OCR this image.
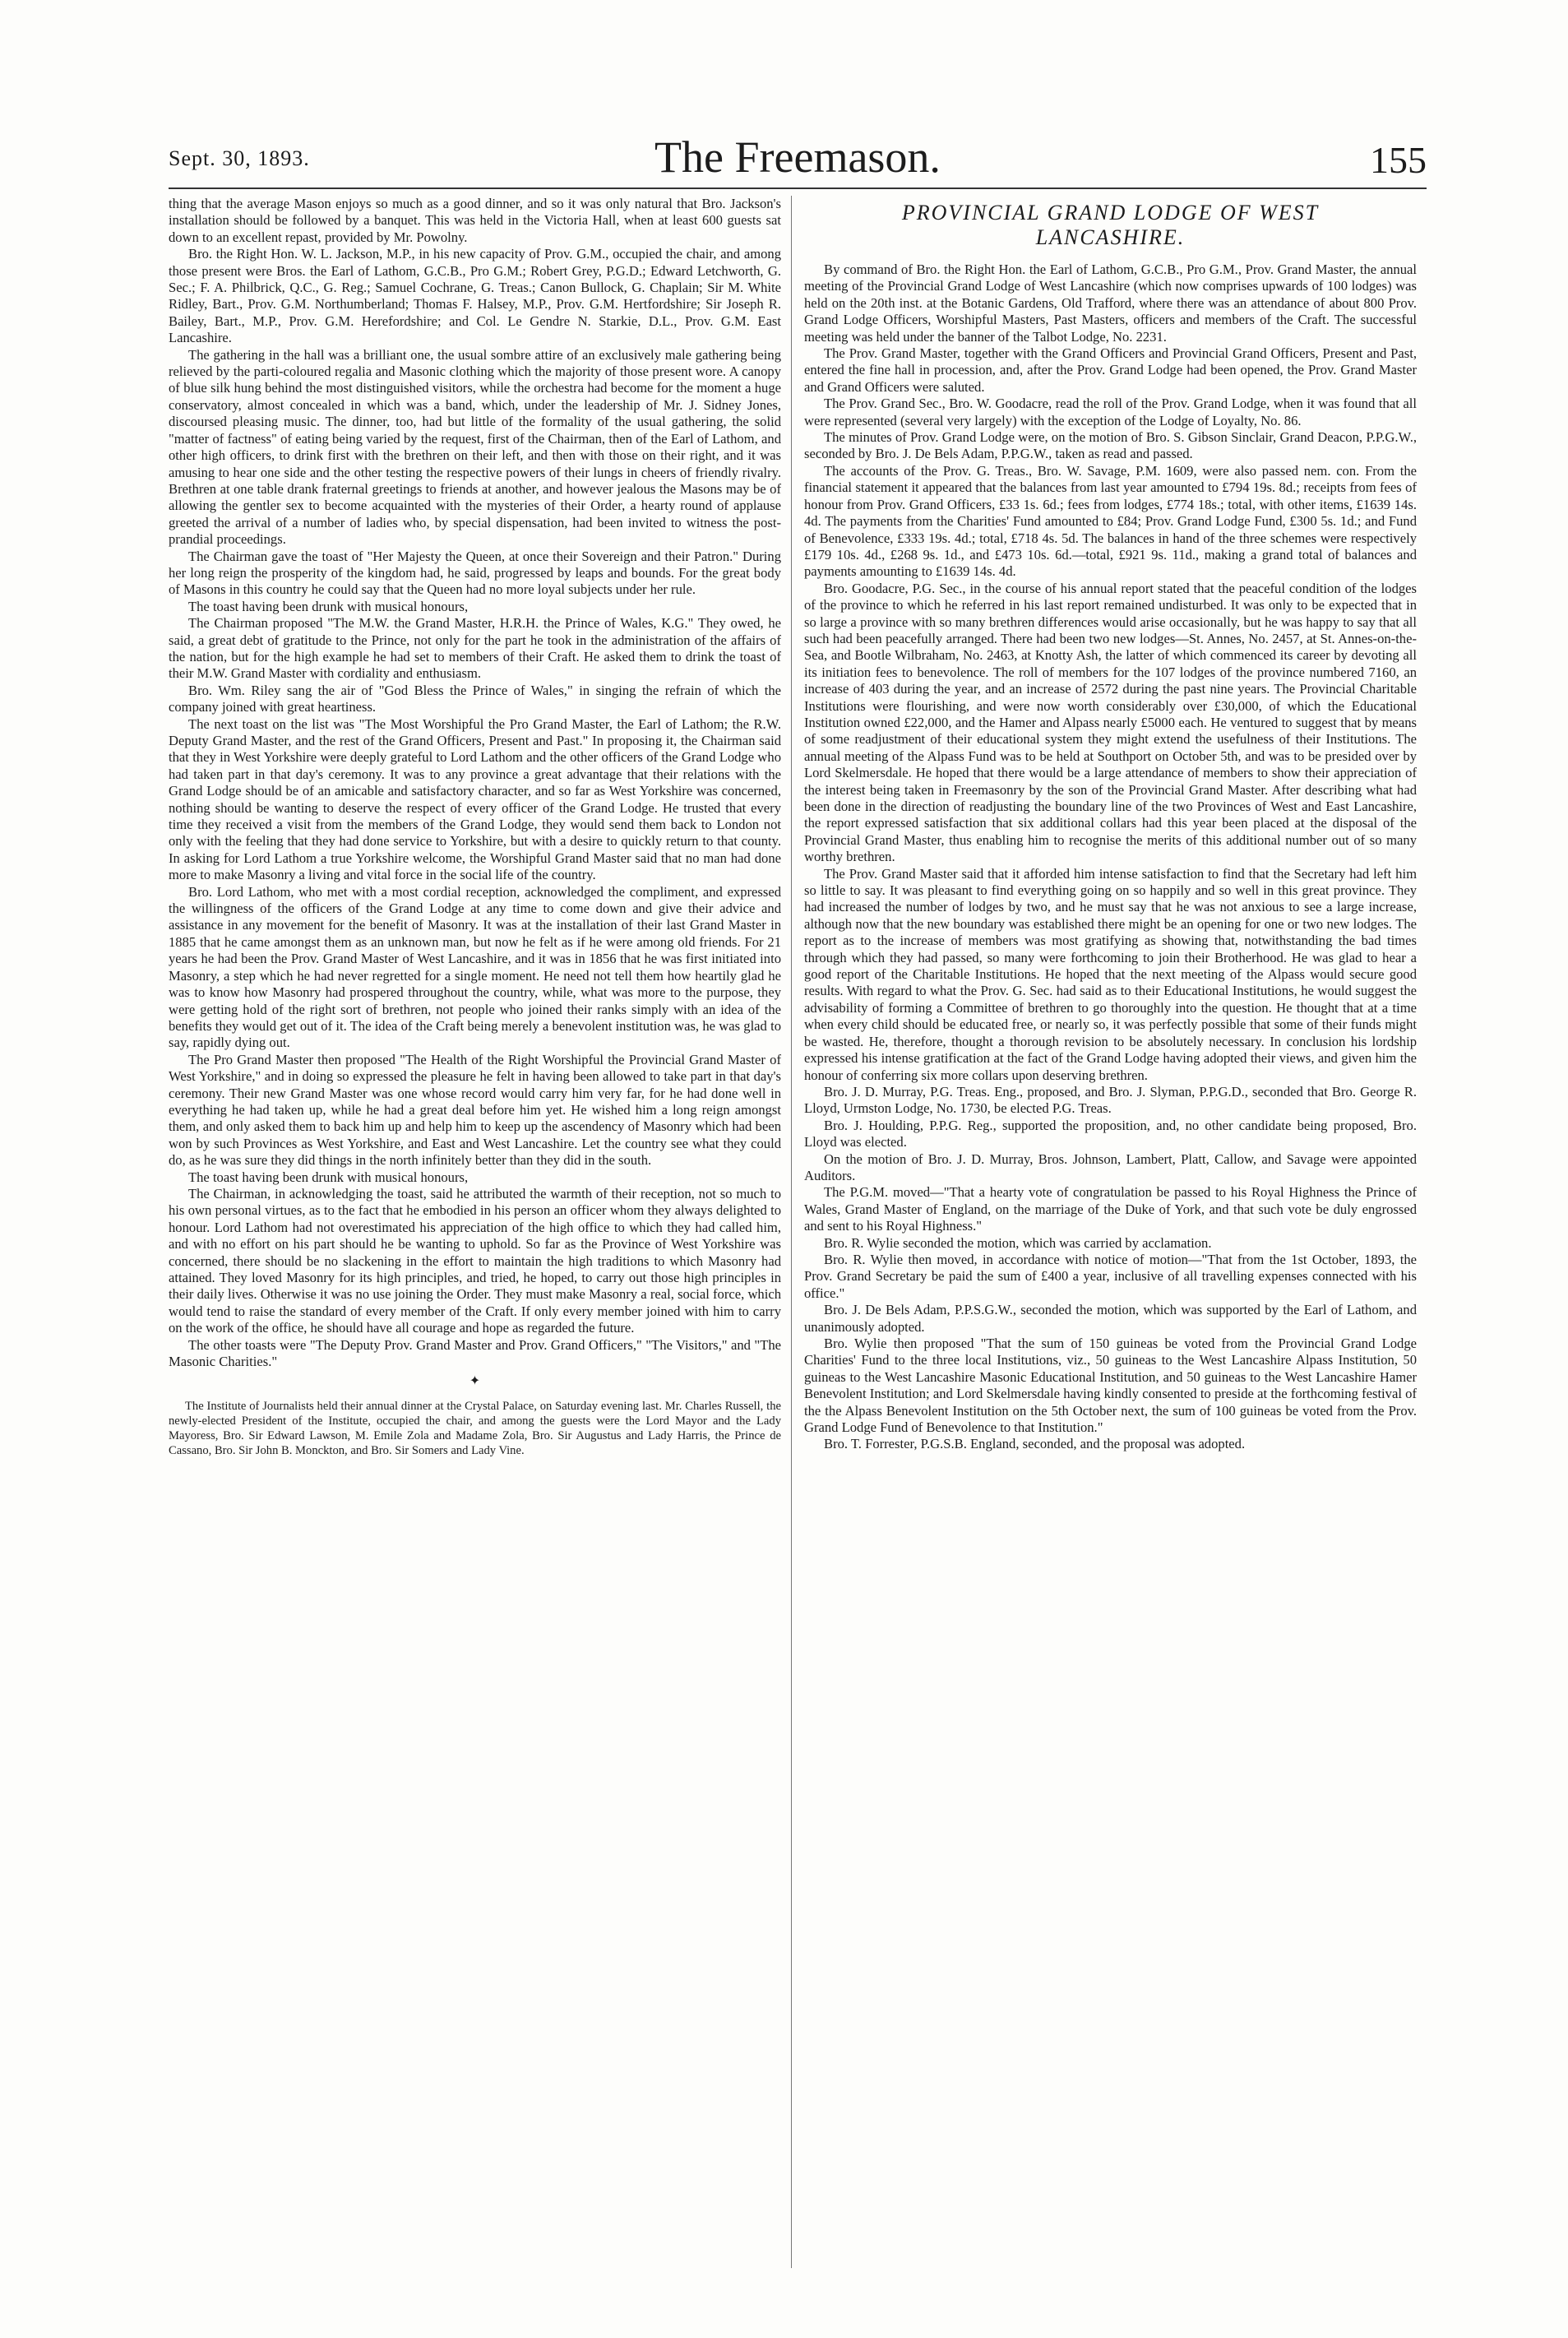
Sept. 30, 1893.	The Freemason.	155

thing that the average Mason enjoys so much as a good dinner, and so it was only natural that Bro. Jackson's installation should be followed by a banquet. This was held in the Victoria Hall, when at least 600 guests sat down to an excellent repast, provided by Mr. Powolny.

Bro. the Right Hon. W. L. Jackson, M.P., in his new capacity of Prov. G.M., occupied the chair, and among those present were Bros. the Earl of Lathom, G.C.B., Pro G.M.; Robert Grey, P.G.D.; Edward Letchworth, G. Sec.; F. A. Philbrick, Q.C., G. Reg.; Samuel Cochrane, G. Treas.; Canon Bullock, G. Chaplain; Sir M. White Ridley, Bart., Prov. G.M. Northumberland; Thomas F. Halsey, M.P., Prov. G.M. Hertfordshire; Sir Joseph R. Bailey, Bart., M.P., Prov. G.M. Herefordshire; and Col. Le Gendre N. Starkie, D.L., Prov. G.M. East Lancashire.

The gathering in the hall was a brilliant one, the usual sombre attire of an exclusively male gathering being relieved by the parti-coloured regalia and Masonic clothing which the majority of those present wore. A canopy of blue silk hung behind the most distinguished visitors, while the orchestra had become for the moment a huge conservatory, almost concealed in which was a band, which, under the leadership of Mr. J. Sidney Jones, discoursed pleasing music. The dinner, too, had but little of the formality of the usual gathering, the solid "matter of factness" of eating being varied by the request, first of the Chairman, then of the Earl of Lathom, and other high officers, to drink first with the brethren on their left, and then with those on their right, and it was amusing to hear one side and the other testing the respective powers of their lungs in cheers of friendly rivalry. Brethren at one table drank fraternal greetings to friends at another, and however jealous the Masons may be of allowing the gentler sex to become acquainted with the mysteries of their Order, a hearty round of applause greeted the arrival of a number of ladies who, by special dispensation, had been invited to witness the post-prandial proceedings.

The Chairman gave the toast of "Her Majesty the Queen, at once their Sovereign and their Patron." During her long reign the prosperity of the kingdom had, he said, progressed by leaps and bounds. For the great body of Masons in this country he could say that the Queen had no more loyal subjects under her rule.

The toast having been drunk with musical honours,

The Chairman proposed "The M.W. the Grand Master, H.R.H. the Prince of Wales, K.G." They owed, he said, a great debt of gratitude to the Prince, not only for the part he took in the administration of the affairs of the nation, but for the high example he had set to members of their Craft. He asked them to drink the toast of their M.W. Grand Master with cordiality and enthusiasm.

Bro. Wm. Riley sang the air of "God Bless the Prince of Wales," in singing the refrain of which the company joined with great heartiness.

The next toast on the list was "The Most Worshipful the Pro Grand Master, the Earl of Lathom; the R.W. Deputy Grand Master, and the rest of the Grand Officers, Present and Past." In proposing it, the Chairman said that they in West Yorkshire were deeply grateful to Lord Lathom and the other officers of the Grand Lodge who had taken part in that day's ceremony. It was to any province a great advantage that their relations with the Grand Lodge should be of an amicable and satisfactory character, and so far as West Yorkshire was concerned, nothing should be wanting to deserve the respect of every officer of the Grand Lodge. He trusted that every time they received a visit from the members of the Grand Lodge, they would send them back to London not only with the feeling that they had done service to Yorkshire, but with a desire to quickly return to that county. In asking for Lord Lathom a true Yorkshire welcome, the Worshipful Grand Master said that no man had done more to make Masonry a living and vital force in the social life of the country.

Bro. Lord Lathom, who met with a most cordial reception, acknowledged the compliment, and expressed the willingness of the officers of the Grand Lodge at any time to come down and give their advice and assistance in any movement for the benefit of Masonry. It was at the installation of their last Grand Master in 1885 that he came amongst them as an unknown man, but now he felt as if he were among old friends. For 21 years he had been the Prov. Grand Master of West Lancashire, and it was in 1856 that he was first initiated into Masonry, a step which he had never regretted for a single moment. He need not tell them how heartily glad he was to know how Masonry had prospered throughout the country, while, what was more to the purpose, they were getting hold of the right sort of brethren, not people who joined their ranks simply with an idea of the benefits they would get out of it. The idea of the Craft being merely a benevolent institution was, he was glad to say, rapidly dying out.

The Pro Grand Master then proposed "The Health of the Right Worshipful the Provincial Grand Master of West Yorkshire," and in doing so expressed the pleasure he felt in having been allowed to take part in that day's ceremony. Their new Grand Master was one whose record would carry him very far, for he had done well in everything he had taken up, while he had a great deal before him yet. He wished him a long reign amongst them, and only asked them to back him up and help him to keep up the ascendency of Masonry which had been won by such Provinces as West Yorkshire, and East and West Lancashire. Let the country see what they could do, as he was sure they did things in the north infinitely better than they did in the south.

The toast having been drunk with musical honours,

The Chairman, in acknowledging the toast, said he attributed the warmth of their reception, not so much to his own personal virtues, as to the fact that he embodied in his person an officer whom they always delighted to honour. Lord Lathom had not overestimated his appreciation of the high office to which they had called him, and with no effort on his part should he be wanting to uphold. So far as the Province of West Yorkshire was concerned, there should be no slackening in the effort to maintain the high traditions to which Masonry had attained. They loved Masonry for its high principles, and tried, he hoped, to carry out those high principles in their daily lives. Otherwise it was no use joining the Order. They must make Masonry a real, social force, which would tend to raise the standard of every member of the Craft. If only every member joined with him to carry on the work of the office, he should have all courage and hope as regarded the future.

The other toasts were "The Deputy Prov. Grand Master and Prov. Grand Officers," "The Visitors," and "The Masonic Charities."

✦

The Institute of Journalists held their annual dinner at the Crystal Palace, on Saturday evening last. Mr. Charles Russell, the newly-elected President of the Institute, occupied the chair, and among the guests were the Lord Mayor and the Lady Mayoress, Bro. Sir Edward Lawson, M. Emile Zola and Madame Zola, Bro. Sir Augustus and Lady Harris, the Prince de Cassano, Bro. Sir John B. Monckton, and Bro. Sir Somers and Lady Vine.

PROVINCIAL GRAND LODGE OF WEST
LANCASHIRE.

By command of Bro. the Right Hon. the Earl of Lathom, G.C.B., Pro G.M., Prov. Grand Master, the annual meeting of the Provincial Grand Lodge of West Lancashire (which now comprises upwards of 100 lodges) was held on the 20th inst. at the Botanic Gardens, Old Trafford, where there was an attendance of about 800 Prov. Grand Lodge Officers, Worshipful Masters, Past Masters, officers and members of the Craft. The successful meeting was held under the banner of the Talbot Lodge, No. 2231.

The Prov. Grand Master, together with the Grand Officers and Provincial Grand Officers, Present and Past, entered the fine hall in procession, and, after the Prov. Grand Lodge had been opened, the Prov. Grand Master and Grand Officers were saluted.

The Prov. Grand Sec., Bro. W. Goodacre, read the roll of the Prov. Grand Lodge, when it was found that all were represented (several very largely) with the exception of the Lodge of Loyalty, No. 86.

The minutes of Prov. Grand Lodge were, on the motion of Bro. S. Gibson Sinclair, Grand Deacon, P.P.G.W., seconded by Bro. J. De Bels Adam, P.P.G.W., taken as read and passed.

The accounts of the Prov. G. Treas., Bro. W. Savage, P.M. 1609, were also passed nem. con. From the financial statement it appeared that the balances from last year amounted to £794 19s. 8d.; receipts from fees of honour from Prov. Grand Officers, £33 1s. 6d.; fees from lodges, £774 18s.; total, with other items, £1639 14s. 4d. The payments from the Charities' Fund amounted to £84; Prov. Grand Lodge Fund, £300 5s. 1d.; and Fund of Benevolence, £333 19s. 4d.; total, £718 4s. 5d. The balances in hand of the three schemes were respectively £179 10s. 4d., £268 9s. 1d., and £473 10s. 6d.—total, £921 9s. 11d., making a grand total of balances and payments amounting to £1639 14s. 4d.

Bro. Goodacre, P.G. Sec., in the course of his annual report stated that the peaceful condition of the lodges of the province to which he referred in his last report remained undisturbed. It was only to be expected that in so large a province with so many brethren differences would arise occasionally, but he was happy to say that all such had been peacefully arranged. There had been two new lodges—St. Annes, No. 2457, at St. Annes-on-the-Sea, and Bootle Wilbraham, No. 2463, at Knotty Ash, the latter of which commenced its career by devoting all its initiation fees to benevolence. The roll of members for the 107 lodges of the province numbered 7160, an increase of 403 during the year, and an increase of 2572 during the past nine years. The Provincial Charitable Institutions were flourishing, and were now worth considerably over £30,000, of which the Educational Institution owned £22,000, and the Hamer and Alpass nearly £5000 each. He ventured to suggest that by means of some readjustment of their educational system they might extend the usefulness of their Institutions. The annual meeting of the Alpass Fund was to be held at Southport on October 5th, and was to be presided over by Lord Skelmersdale. He hoped that there would be a large attendance of members to show their appreciation of the interest being taken in Freemasonry by the son of the Provincial Grand Master. After describing what had been done in the direction of readjusting the boundary line of the two Provinces of West and East Lancashire, the report expressed satisfaction that six additional collars had this year been placed at the disposal of the Provincial Grand Master, thus enabling him to recognise the merits of this additional number out of so many worthy brethren.

The Prov. Grand Master said that it afforded him intense satisfaction to find that the Secretary had left him so little to say. It was pleasant to find everything going on so happily and so well in this great province. They had increased the number of lodges by two, and he must say that he was not anxious to see a large increase, although now that the new boundary was established there might be an opening for one or two new lodges. The report as to the increase of members was most gratifying as showing that, notwithstanding the bad times through which they had passed, so many were forthcoming to join their Brotherhood. He was glad to hear a good report of the Charitable Institutions. He hoped that the next meeting of the Alpass would secure good results. With regard to what the Prov. G. Sec. had said as to their Educational Institutions, he would suggest the advisability of forming a Committee of brethren to go thoroughly into the question. He thought that at a time when every child should be educated free, or nearly so, it was perfectly possible that some of their funds might be wasted. He, therefore, thought a thorough revision to be absolutely necessary. In conclusion his lordship expressed his intense gratification at the fact of the Grand Lodge having adopted their views, and given him the honour of conferring six more collars upon deserving brethren.

Bro. J. D. Murray, P.G. Treas. Eng., proposed, and Bro. J. Slyman, P.P.G.D., seconded that Bro. George R. Lloyd, Urmston Lodge, No. 1730, be elected P.G. Treas.

Bro. J. Houlding, P.P.G. Reg., supported the proposition, and, no other candidate being proposed, Bro. Lloyd was elected.

On the motion of Bro. J. D. Murray, Bros. Johnson, Lambert, Platt, Callow, and Savage were appointed Auditors.

The P.G.M. moved—"That a hearty vote of congratulation be passed to his Royal Highness the Prince of Wales, Grand Master of England, on the marriage of the Duke of York, and that such vote be duly engrossed and sent to his Royal Highness."

Bro. R. Wylie seconded the motion, which was carried by acclamation.

Bro. R. Wylie then moved, in accordance with notice of motion—"That from the 1st October, 1893, the Prov. Grand Secretary be paid the sum of £400 a year, inclusive of all travelling expenses connected with his office."

Bro. J. De Bels Adam, P.P.S.G.W., seconded the motion, which was supported by the Earl of Lathom, and unanimously adopted.

Bro. Wylie then proposed "That the sum of 150 guineas be voted from the Provincial Grand Lodge Charities' Fund to the three local Institutions, viz., 50 guineas to the West Lancashire Alpass Institution, 50 guineas to the West Lancashire Masonic Educational Institution, and 50 guineas to the West Lancashire Hamer Benevolent Institution; and Lord Skelmersdale having kindly consented to preside at the forthcoming festival of the the Alpass Benevolent Institution on the 5th October next, the sum of 100 guineas be voted from the Prov. Grand Lodge Fund of Benevolence to that Institution."

Bro. T. Forrester, P.G.S.B. England, seconded, and the proposal was adopted.
